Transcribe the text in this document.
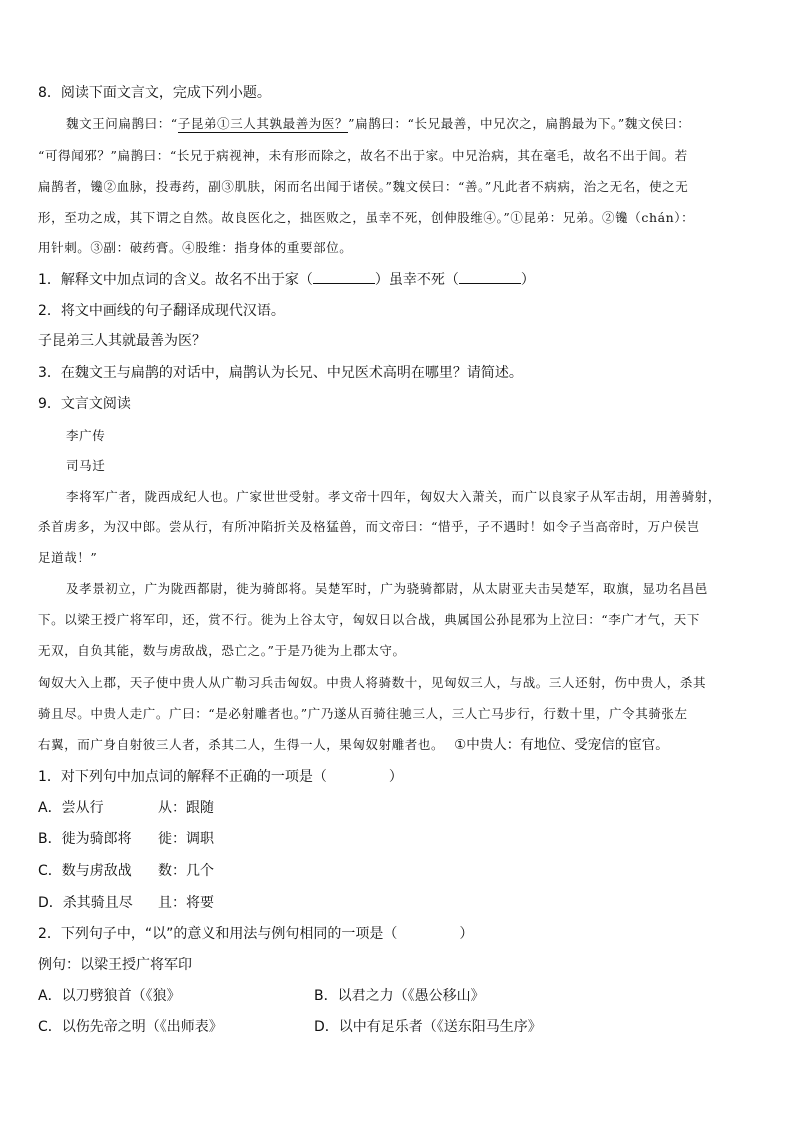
8．阅读下面文言文，完成下列小题。
魏文王问扁鹊曰：“子昆弟①三人其孰最善为医？”扁鹊曰：“长兄最善，中兄次之，扁鹊最为下。”魏文侯曰：
“可得闻邪？”扁鹊曰：“长兄于病视神，未有形而除之，故名不出于家。中兄治病，其在毫毛，故名不出于闾。若
扁鹊者，镵②血脉，投毒药，副③肌肤，闲而名出闻于诸侯。”魏文侯曰：“善。”凡此者不病病，治之无名，使之无
形，至功之成，其下谓之自然。故良医化之，拙医败之，虽幸不死，创伸股维④。”①昆弟：兄弟。②镵（chán）：
用针刺。③副：破药膏。④股维：指身体的重要部位。
1．解释文中加点词的含义。故名不出于家（	）虽幸不死（	）
2．将文中画线的句子翻译成现代汉语。
子昆弟三人其就最善为医？
3．在魏文王与扁鹊的对话中，扁鹊认为长兄、中兄医术高明在哪里？请简述。
9．文言文阅读
李广传
司马迁
李将军广者，陇西成纪人也。广家世世受射。孝文帝十四年，匈奴大入萧关，而广以良家子从军击胡，用善骑射，
杀首虏多，为汉中郎。尝从行，有所冲陷折关及格猛兽，而文帝曰：“惜乎，子不遇时！如令子当高帝时，万户侯岂
足道哉！”
及孝景初立，广为陇西都尉，徙为骑郎将。吴楚军时，广为骁骑都尉，从太尉亚夫击吴楚军，取旗，显功名昌邑
下。以梁王授广将军印，还，赏不行。徙为上谷太守，匈奴日以合战，典属国公孙昆邪为上泣曰：“李广才气，天下
无双，自负其能，数与虏敌战，恐亡之。”于是乃徙为上郡太守。
匈奴大入上郡，天子使中贵人从广勒习兵击匈奴。中贵人将骑数十，见匈奴三人，与战。三人还射，伤中贵人，杀其
骑且尽。中贵人走广。广曰：“是必射雕者也。”广乃遂从百骑往驰三人，三人亡马步行，行数十里，广令其骑张左
右翼，而广身自射彼三人者，杀其二人，生得一人，果匈奴射雕者也。 ①中贵人：有地位、受宠信的宦官。
1．对下列句中加点词的解释不正确的一项是（	）
A．尝从行	从：跟随
B．徙为骑郎将 徙：调职
C．数与虏敌战 数：几个
D．杀其骑且尽 且：将要
2．下列句子中，“以”的意义和用法与例句相同的一项是（	）
例句：以梁王授广将军印
A．以刀劈狼首（《狼》	B．以君之力（《愚公移山》
C．以伤先帝之明（《出师表》	D．以中有足乐者（《送东阳马生序》
